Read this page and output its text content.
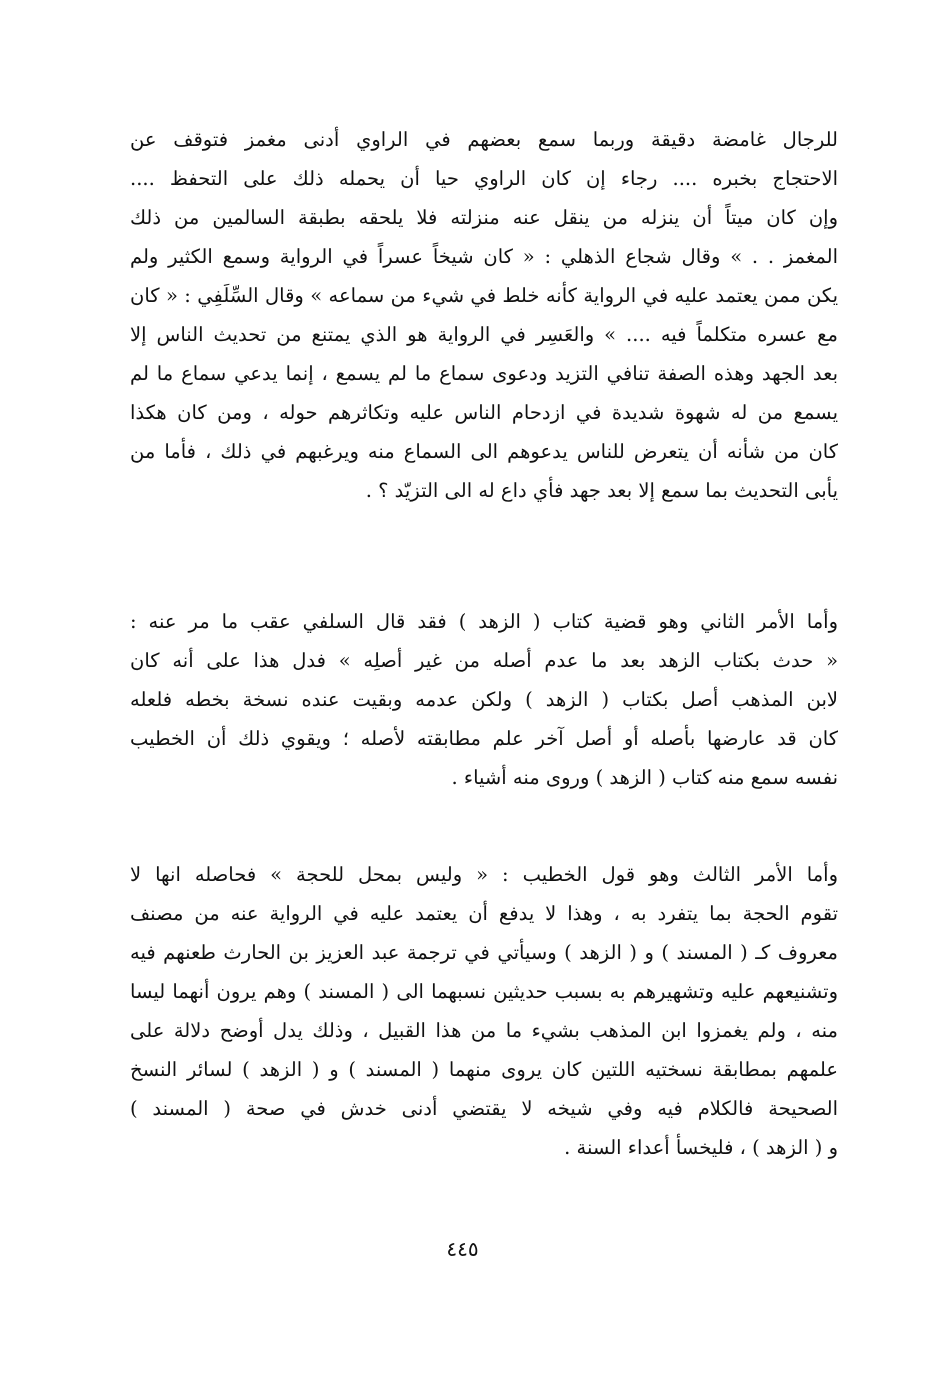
للرجال غامضة دقيقة وربما سمع بعضهم في الراوي أدنى مغمز فتوقف عن
الاحتجاج بخبره .... رجاء إن كان الراوي حيا أن يحمله ذلك على التحفظ ....
وإن كان ميتاً أن ينزله من ينقل عنه منزلته فلا يلحقه بطبقة السالمين من ذلك
المغمز . . » وقال شجاع الذهلي : « كان شيخاً عسراً في الرواية وسمع الكثير ولم
يكن ممن يعتمد عليه في الرواية كأنه خلط في شيء من سماعه » وقال السِّلَفِي : « كان
مع عسره متكلماً فيه .... » والعَسِر في الرواية هو الذي يمتنع من تحديث الناس إلا
بعد الجهد وهذه الصفة تنافي التزيد ودعوى سماع ما لم يسمع ، إنما يدعي سماع ما لم
يسمع من له شهوة شديدة في ازدحام الناس عليه وتكاثرهم حوله ، ومن كان هكذا
كان من شأنه أن يتعرض للناس يدعوهم الى السماع منه ويرغبهم في ذلك ، فأما من
يأبى التحديث بما سمع إلا بعد جهد فأي داع له الى التزيّد ؟ .
وأما الأمر الثاني وهو قضية كتاب ( الزهد ) فقد قال السلفي عقب ما مر عنه :
« حدث بكتاب الزهد بعد ما عدم أصله من غير أصلِه » فدل هذا على أنه كان
لابن المذهب أصل بكتاب ( الزهد ) ولكن عدمه وبقيت عنده نسخة بخطه فلعله
كان قد عارضها بأصله أو أصل آخر علم مطابقته لأصله ؛ ويقوي ذلك أن الخطيب
نفسه سمع منه كتاب ( الزهد ) وروى منه أشياء .
وأما الأمر الثالث وهو قول الخطيب : « وليس بمحل للحجة » فحاصله انها لا
تقوم الحجة بما يتفرد به ، وهذا لا يدفع أن يعتمد عليه في الرواية عنه من مصنف
معروف كـ ( المسند ) و ( الزهد ) وسيأتي في ترجمة عبد العزيز بن الحارث طعنهم فيه
وتشنيعهم عليه وتشهيرهم به بسبب حديثين نسبهما الى ( المسند ) وهم يرون أنهما ليسا
منه ، ولم يغمزوا ابن المذهب بشيء ما من هذا القبيل ، وذلك يدل أوضح دلالة على
علمهم بمطابقة نسختيه اللتين كان يروى منهما ( المسند ) و ( الزهد ) لسائر النسخ
الصحيحة فالكلام فيه وفي شيخه لا يقتضي أدنى خدش في صحة ( المسند )
و ( الزهد ) ، فليخسأ أعداء السنة .
٤٤٥
